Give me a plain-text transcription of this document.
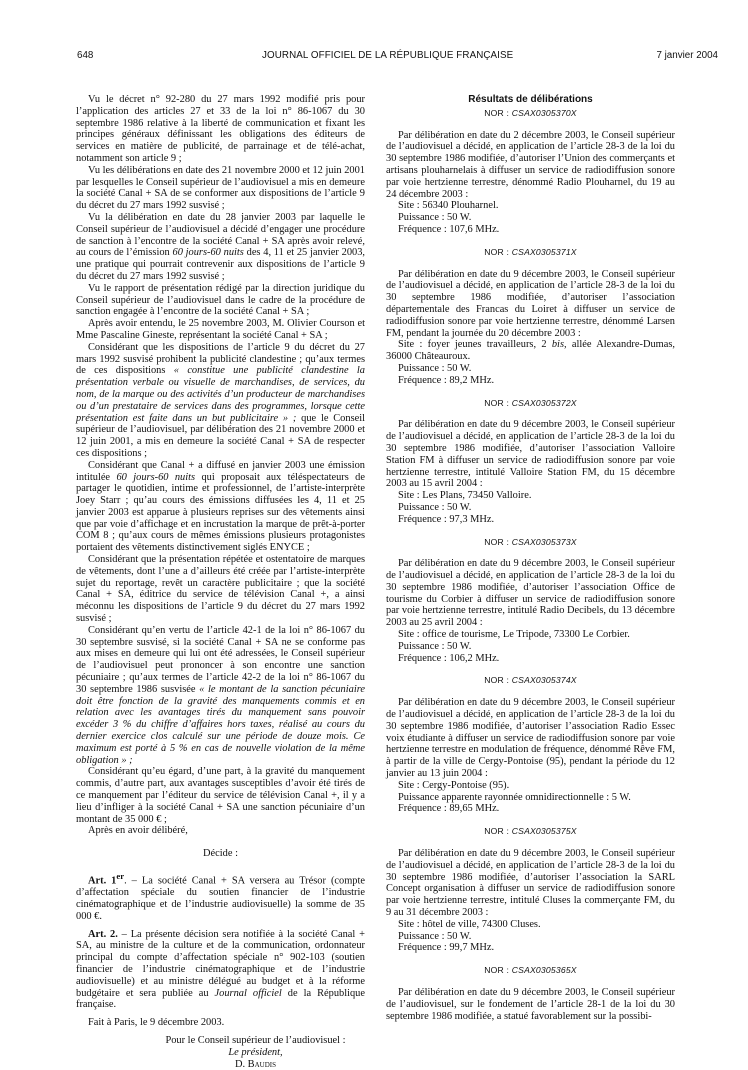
648	JOURNAL OFFICIEL DE LA RÉPUBLIQUE FRANÇAISE	7 janvier 2004

Vu le décret n° 92-280 du 27 mars 1992 modifié pris pour l’application des articles 27 et 33 de la loi n° 86-1067 du 30 septembre 1986 relative à la liberté de communication et fixant les principes généraux définissant les obligations des éditeurs de services en matière de publicité, de parrainage et de télé-achat, notamment son article 9 ;

Vu les délibérations en date des 21 novembre 2000 et 12 juin 2001 par lesquelles le Conseil supérieur de l’audiovisuel a mis en demeure la société Canal + SA de se conformer aux dispositions de l’article 9 du décret du 27 mars 1992 susvisé ;

Vu la délibération en date du 28 janvier 2003 par laquelle le Conseil supérieur de l’audiovisuel a décidé d’engager une procédure de sanction à l’encontre de la société Canal + SA après avoir relevé, au cours de l’émission 60 jours-60 nuits des 4, 11 et 25 janvier 2003, une pratique qui pourrait contrevenir aux dispositions de l’article 9 du décret du 27 mars 1992 susvisé ;

Vu le rapport de présentation rédigé par la direction juridique du Conseil supérieur de l’audiovisuel dans le cadre de la procédure de sanction engagée à l’encontre de la société Canal + SA ;

Après avoir entendu, le 25 novembre 2003, M. Olivier Courson et Mme Pascaline Gineste, représentant la société Canal + SA ;

Considérant que les dispositions de l’article 9 du décret du 27 mars 1992 susvisé prohibent la publicité clandestine ; qu’aux termes de ces dispositions « constitue une publicité clandestine la présentation verbale ou visuelle de marchandises, de services, du nom, de la marque ou des activités d’un producteur de marchandises ou d’un prestataire de services dans des programmes, lorsque cette présentation est faite dans un but publicitaire » ; que le Conseil supérieur de l’audiovisuel, par délibération des 21 novembre 2000 et 12 juin 2001, a mis en demeure la société Canal + SA de respecter ces dispositions ;

Considérant que Canal + a diffusé en janvier 2003 une émission intitulée 60 jours-60 nuits qui proposait aux téléspectateurs de partager le quotidien, intime et professionnel, de l’artiste-interprète Joey Starr ; qu’au cours des émissions diffusées les 4, 11 et 25 janvier 2003 est apparue à plusieurs reprises sur des vêtements ainsi que par voie d’affichage et en incrustation la marque de prêt-à-porter COM 8 ; qu’aux cours de mêmes émissions plusieurs protagonistes portaient des vêtements distinctivement siglés ENYCE ;

Considérant que la présentation répétée et ostentatoire de marques de vêtements, dont l’une a d’ailleurs été créée par l’artiste-interprète sujet du reportage, revêt un caractère publicitaire ; que la société Canal + SA, éditrice du service de télévision Canal +, a ainsi méconnu les dispositions de l’article 9 du décret du 27 mars 1992 susvisé ;

Considérant qu’en vertu de l’article 42-1 de la loi n° 86-1067 du 30 septembre susvisé, si la société Canal + SA ne se conforme pas aux mises en demeure qui lui ont été adressées, le Conseil supérieur de l’audiovisuel peut prononcer à son encontre une sanction pécuniaire ; qu’aux termes de l’article 42-2 de la loi n° 86-1067 du 30 septembre 1986 susvisée « le montant de la sanction pécuniaire doit être fonction de la gravité des manquements commis et en relation avec les avantages tirés du manquement sans pouvoir excéder 3 % du chiffre d’affaires hors taxes, réalisé au cours du dernier exercice clos calculé sur une période de douze mois. Ce maximum est porté à 5 % en cas de nouvelle violation de la même obligation » ;

Considérant qu’eu égard, d’une part, à la gravité du manquement commis, d’autre part, aux avantages susceptibles d’avoir été tirés de ce manquement par l’éditeur du service de télévision Canal +, il y a lieu d’infliger à la société Canal + SA une sanction pécuniaire d’un montant de 35 000 € ;

Après en avoir délibéré,

Décide :

Art. 1er. – La société Canal + SA versera au Trésor (compte d’affectation spéciale du soutien financier de l’industrie cinématographique et de l’industrie audiovisuelle) la somme de 35 000 €.

Art. 2. – La présente décision sera notifiée à la société Canal + SA, au ministre de la culture et de la communication, ordonnateur principal du compte d’affectation spéciale n° 902-103 (soutien financier de l’industrie cinématographique et de l’industrie audiovisuelle) et au ministre délégué au budget et à la réforme budgétaire et sera publiée au Journal officiel de la République française.

Fait à Paris, le 9 décembre 2003.

Pour le Conseil supérieur de l’audiovisuel :

Le président,

D. Baudis

Résultats de délibérations
NOR : CSAX0305370X

Par délibération en date du 2 décembre 2003, le Conseil supérieur de l’audiovisuel a décidé, en application de l’article 28-3 de la loi du 30 septembre 1986 modifiée, d’autoriser l’Union des commerçants et artisans plouharnelais à diffuser un service de radiodiffusion sonore par voie hertzienne terrestre, dénommé Radio Plouharnel, du 19 au 24 décembre 2003 :

Site : 56340 Plouharnel.

Puissance : 50 W.

Fréquence : 107,6 MHz.

NOR : CSAX0305371X

Par délibération en date du 9 décembre 2003, le Conseil supérieur de l’audiovisuel a décidé, en application de l’article 28-3 de la loi du 30 septembre 1986 modifiée, d’autoriser l’association départementale des Francas du Loiret à diffuser un service de radiodiffusion sonore par voie hertzienne terrestre, dénommé Larsen FM, pendant la journée du 20 décembre 2003 :

Site : foyer jeunes travailleurs, 2 bis, allée Alexandre-Dumas, 36000 Châteauroux.

Puissance : 50 W.

Fréquence : 89,2 MHz.

NOR : CSAX0305372X

Par délibération en date du 9 décembre 2003, le Conseil supérieur de l’audiovisuel a décidé, en application de l’article 28-3 de la loi du 30 septembre 1986 modifiée, d’autoriser l’association Valloire Station FM à diffuser un service de radiodiffusion sonore par voie hertzienne terrestre, intitulé Valloire Station FM, du 15 décembre 2003 au 15 avril 2004 :

Site : Les Plans, 73450 Valloire.

Puissance : 50 W.

Fréquence : 97,3 MHz.

NOR : CSAX0305373X

Par délibération en date du 9 décembre 2003, le Conseil supérieur de l’audiovisuel a décidé, en application de l’article 28-3 de la loi du 30 septembre 1986 modifiée, d’autoriser l’association Office de tourisme du Corbier à diffuser un service de radiodiffusion sonore par voie hertzienne terrestre, intitulé Radio Decibels, du 13 décembre 2003 au 25 avril 2004 :

Site : office de tourisme, Le Tripode, 73300 Le Corbier.

Puissance : 50 W.

Fréquence : 106,2 MHz.

NOR : CSAX0305374X

Par délibération en date du 9 décembre 2003, le Conseil supérieur de l’audiovisuel a décidé, en application de l’article 28-3 de la loi du 30 septembre 1986 modifiée, d’autoriser l’association Radio Essec voix étudiante à diffuser un service de radiodiffusion sonore par voie hertzienne terrestre en modulation de fréquence, dénommé Rêve FM, à partir de la ville de Cergy-Pontoise (95), pendant la période du 12 janvier au 13 juin 2004 :

Site : Cergy-Pontoise (95).

Puissance apparente rayonnée omnidirectionnelle : 5 W.

Fréquence : 89,65 MHz.

NOR : CSAX0305375X

Par délibération en date du 9 décembre 2003, le Conseil supérieur de l’audiovisuel a décidé, en application de l’article 28-3 de la loi du 30 septembre 1986 modifiée, d’autoriser l’association la SARL Concept organisation à diffuser un service de radiodiffusion sonore par voie hertzienne terrestre, intitulé Cluses la commerçante FM, du 9 au 31 décembre 2003 :

Site : hôtel de ville, 74300 Cluses.

Puissance : 50 W.

Fréquence : 99,7 MHz.

NOR : CSAX0305365X

Par délibération en date du 9 décembre 2003, le Conseil supérieur de l’audiovisuel, sur le fondement de l’article 28-1 de la loi du 30 septembre 1986 modifiée, a statué favorablement sur la possibi-
